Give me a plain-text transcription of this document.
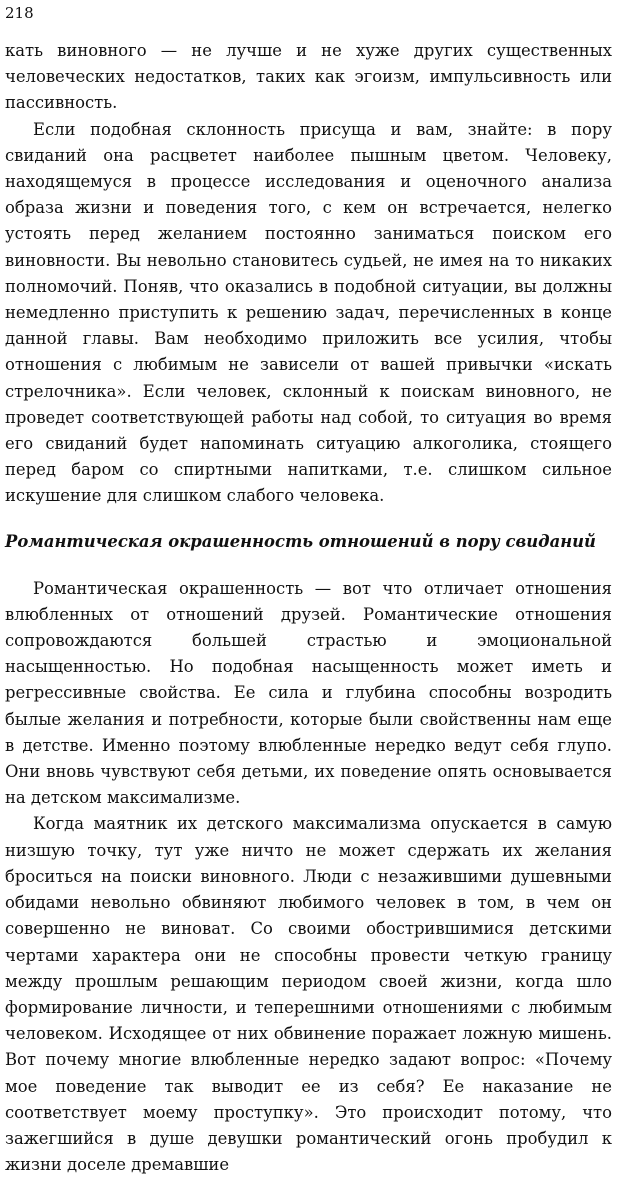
218

кать виновного — не лучше и не хуже других существенных человеческих недостатков, таких как эгоизм, импульсивность или пассивность.

Если подобная склонность присуща и вам, знайте: в пору свиданий она расцветет наиболее пышным цветом. Человеку, находящемуся в процессе исследования и оценочного анализа образа жизни и поведения того, с кем он встречается, нелегко устоять перед желанием постоянно заниматься поиском его виновности. Вы невольно становитесь судьей, не имея на то никаких полномочий. Поняв, что оказались в подобной ситуации, вы должны немедленно приступить к решению задач, перечисленных в конце данной главы. Вам необходимо приложить все усилия, чтобы отношения с любимым не зависели от вашей привычки «искать стрелочника». Если человек, склонный к поискам виновного, не проведет соответствующей работы над собой, то ситуация во время его свиданий будет напоминать ситуацию алкоголика, стоящего перед баром со спиртными напитками, т.е. слишком сильное искушение для слишком слабого человека.

Романтическая окрашенность отношений в пору свиданий

Романтическая окрашенность — вот что отличает отношения влюбленных от отношений друзей. Романтические отношения сопровождаются большей страстью и эмоциональной насыщенностью. Но подобная насыщенность может иметь и регрессивные свойства. Ее сила и глубина способны возродить былые желания и потребности, которые были свойственны нам еще в детстве. Именно поэтому влюбленные нередко ведут себя глупо. Они вновь чувствуют себя детьми, их поведение опять основывается на детском максимализме.

Когда маятник их детского максимализма опускается в самую низшую точку, тут уже ничто не может сдержать их желания броситься на поиски виновного. Люди с незажившими душевными обидами невольно обвиняют любимого человек в том, в чем он совершенно не виноват. Со своими обострившимися детскими чертами характера они не способны провести четкую границу между прошлым решающим периодом своей жизни, когда шло формирование личности, и теперешними отношениями с любимым человеком. Исходящее от них обвинение поражает ложную мишень. Вот почему многие влюбленные нередко задают вопрос: «Почему мое поведение так выводит ее из себя? Ее наказание не соответствует моему проступку». Это происходит потому, что зажегшийся в душе девушки романтический огонь пробудил к жизни доселе дремавшие
